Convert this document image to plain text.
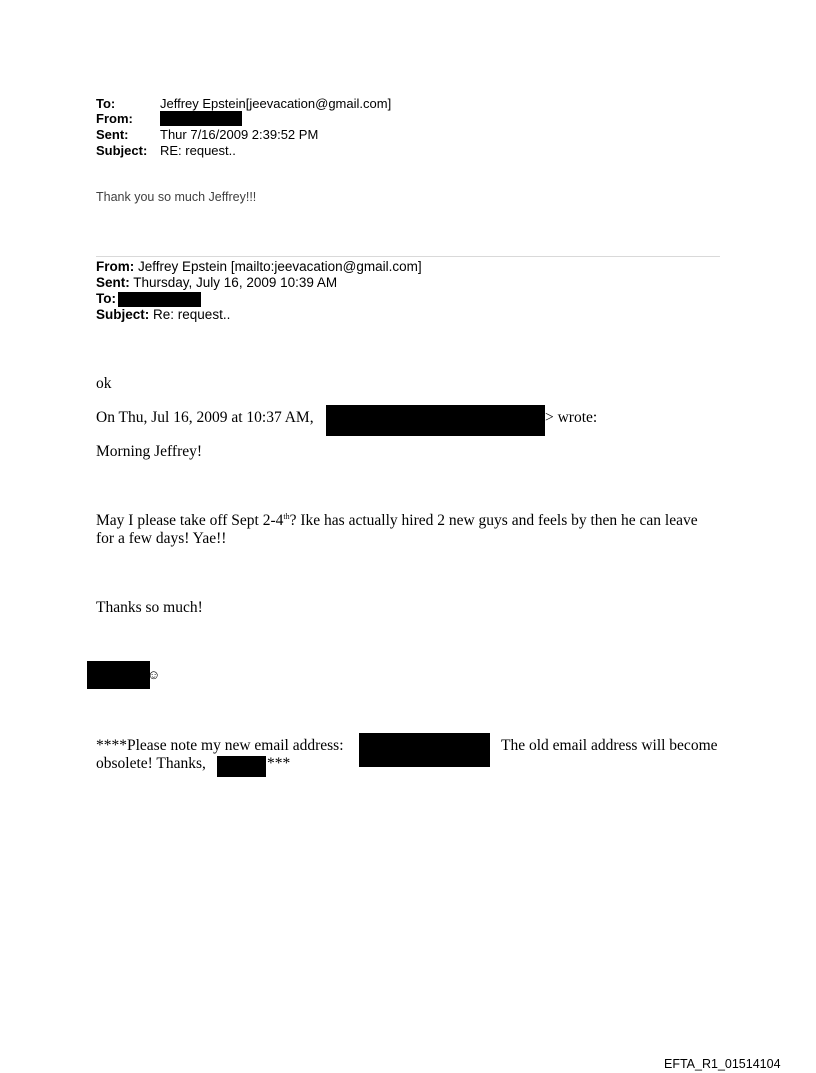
To:	Jeffrey Epstein[jeevacation@gmail.com]
From:
Sent: Thur 7/16/2009 2:39:52 PM
Subject: RE: request..
Thank you so much Jeffrey!!!
From: Jeffrey Epstein [mailto:jeevacation@gmail.com]
Sent: Thursday, July 16, 2009 10:39 AM
To:
Subject: Re: request..
ok
On Thu, Jul 16, 2009 at 10:37 AM,	> wrote:
Morning Jeffrey!
May I please take off Sept 2-4th? Ike has actually hired 2 new guys and feels by then he can leave
for a few days! Yae!!
Thanks so much!
☺
****Please note my new email address:	The old email address will become
obsolete! Thanks,	***
EFTA_R1_01514104
